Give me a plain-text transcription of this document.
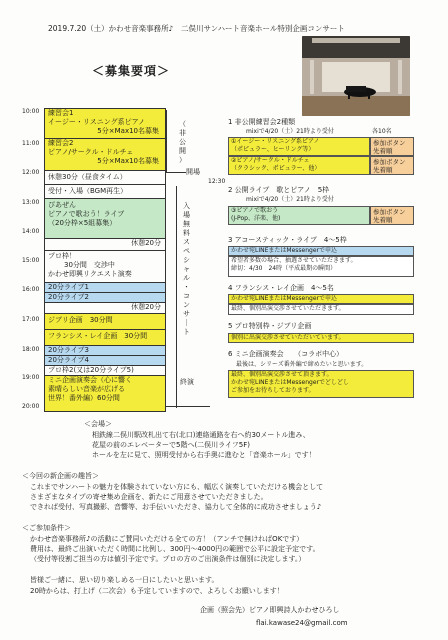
2019.7.20（土）かわせ音楽事務所♪　二俣川サンハート音楽ホール特別企画コンサート
＜募集要項＞
10:00
11:00
12:00
13:00
14:00
15:00
16:00
17:00
18:00
19:00
20:00
練習会1
イージー・リスニング系ピアノ
5分×Max10名募集
練習会2
ピアノ/サークル・ドルチェ
5分×Max10名募集
休憩30分（昼食タイム）
受付・入場（BGM再生）
ぴあぜん
ピアノで歌おう！ライブ
（20分枠×5組募集）
休憩20分
プロ枠！
30分間　交渉中
かわせ即興リクエスト演奏
20分ライブ1
20分ライブ2
休憩20分
ジブリ企画　30分間
フランシス・レイ企画　30分間
20分ライブ3
20分ライブ4
プロ枠2(又は20分ライブ5)
ミニ企画演奏会（心に響く
素晴らしい音楽が広げる
世界！番外編）60分間
（
非
公
開
）
開場
12:30
入
場
無
料
ス
ペ
シ
ャ
ル
・
コ
ン
サ
｜
ト
終演
1 非公開練習会2種類
mixiで4/20（土）21時より受付	各10名
①イージー・リスニング系ピアノ
（ポピュラー、ヒーリング等）
参加ボタン
先着順
②ピアノ/サークル・ドルチェ
（クラシック、ポピュラー、他）
参加ボタン
先着順
2 公開ライブ　歌とピアノ　5枠
mixiで4/20（土）21時より受付
③ピアノで歌おう
(J-Pop、洋楽、他)
参加ボタン
先着順
3 アコースティック・ライブ　4〜5枠
かわせ宛LINEまたはMessengerで申込
希望者多数の場合、抽選させていただきます。
締切：4/30　24時（平成最期の瞬間）
4 フランシス・レイ企画　4〜5名
かわせ宛LINEまたはMessengerで申込
最終、個別出演交渉させていただきます。
5 プロ特別枠・ジブリ企画
個別に出演交渉させていただいています。
6 ミニ企画演奏会　　（コラボ中心）
最後は、シリーズ番外編で締めたいと思います。
最終、個別出演交渉させて頂きます。
かわせ宛LINEまたはMessengerでどしどし
ご参加をお待ちしております。
＜会場＞
相鉄線二俣川駅改札出て右(北口)連絡通路を右へ約30メートル進み、
花屋の前のエレベーターで5階へ(二俣川ライフ5F)
ホールを左に見て、照明受付から右手奥に進むと「音楽ホール」です！
＜今回の新企画の趣旨＞
これまでサンハートの魅力を体験されていない方にも、幅広く演奏していただける機会として
さまざまなタイプの寄せ集め企画を、新たにご用意させていただきました。
できれば受付、写真撮影、音響等、お手伝いいただき、協力して全体的に成功させましょう♪
＜ご参加条件＞
かわせ音楽事務所♪の活動にご賛同いただける全ての方！（アンチで無ければOKです）
費用は、最終ご出演いただく時間に比例し、300円〜4000円の範囲で公平に設定予定です。
（受付等役割ご担当の方は値引予定です。プロの方のご出演条件は個別に決定します。）
皆様ご一緒に、思い切り楽しめる一日にしたいと思います。
20時からは、打上げ（二次会）も予定していますので、よろしくお願いします！
企画（照会先）ピアノ即興詩人かわせひろし
flai.kawase24@gmail.com
